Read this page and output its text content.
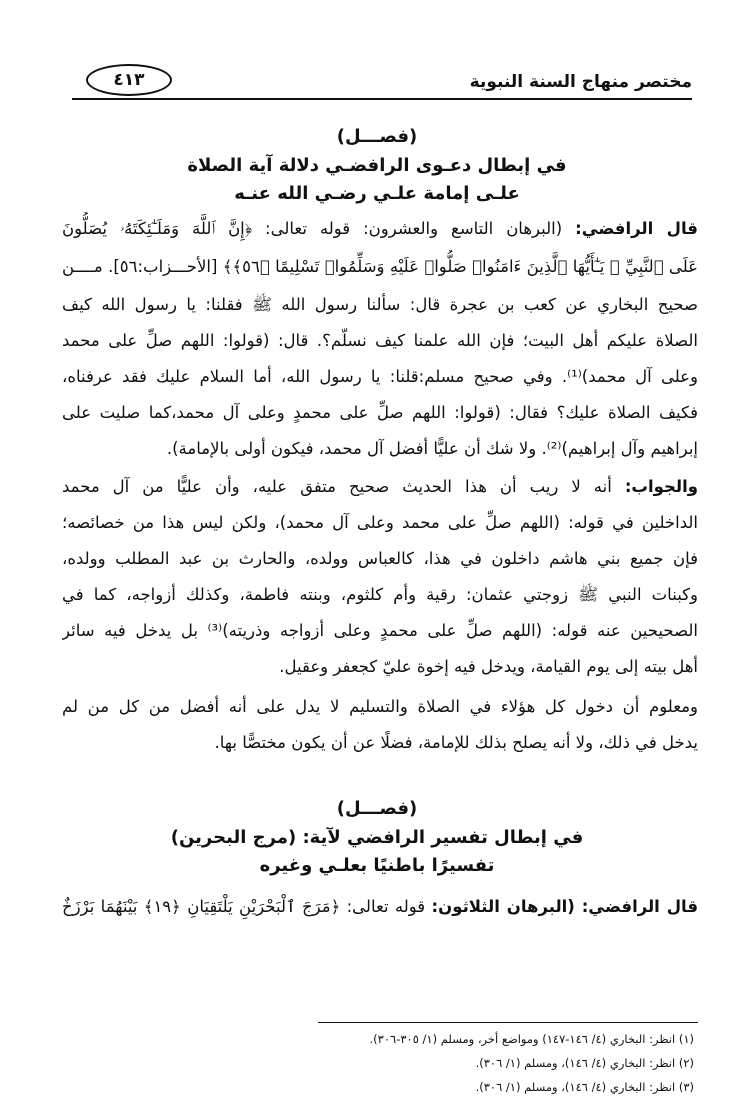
مختصر منهاج السنة النبوية
٤١٣
(فصـــل)
في إبطال دعـوى الرافضـي دلالة آية الصلاة
علـى إمامة علـي رضـي الله عنـه
قال الرافضي: (البرهان التاسع والعشرون: قوله تعالى: ﴿إِنَّ ٱللَّهَ وَمَلَـٰٓئِكَتَهُۥ يُصَلُّونَ
عَلَى ٱلنَّبِيِّ ۚ يَـٰٓأَيُّهَا ٱلَّذِينَ ءَامَنُوا۟ صَلُّوا۟ عَلَيْهِ وَسَلِّمُوا۟ تَسْلِيمًا ﴿٥٦﴾﴾ [الأحـــزاب:٥٦]. مــــن
صحيح البخاري عن كعب بن عجرة قال: سألنا رسول الله ﷺ فقلنا: يا رسول الله كيف
الصلاة عليكم أهل البيت؛ فإن الله علمنا كيف نسلّم؟. قال: (قولوا: اللهم صلِّ على محمد
وعلى آل محمد)⁽¹⁾. وفي صحيح مسلم:قلنا: يا رسول الله، أما السلام عليك فقد عرفناه،
فكيف الصلاة عليك؟ فقال: (قولوا: اللهم صلِّ على محمدٍ وعلى آل محمد،كما صليت على
إبراهيم وآل إبراهيم)⁽²⁾. ولا شك أن عليًّا أفضل آل محمد، فيكون أولى بالإمامة).
والجواب: أنه لا ريب أن هذا الحديث صحيح متفق عليه، وأن عليًّا من آل محمد
الداخلين في قوله: (اللهم صلِّ على محمد وعلى آل محمد)، ولكن ليس هذا من خصائصه؛
فإن جميع بني هاشم داخلون في هذا، كالعباس وولده، والحارث بن عبد المطلب وولده،
وكبنات النبي ﷺ زوجتي عثمان: رقية وأم كلثوم، وبنته فاطمة، وكذلك أزواجه، كما في
الصحيحين عنه قوله: (اللهم صلِّ على محمدٍ وعلى أزواجه وذريته)⁽³⁾ بل يدخل فيه سائر
أهل بيته إلى يوم القيامة، ويدخل فيه إخوة عليّ كجعفر وعقيل.
ومعلوم أن دخول كل هؤلاء في الصلاة والتسليم لا يدل على أنه أفضل من كل من لم
يدخل في ذلك، ولا أنه يصلح بذلك للإمامة، فضلًا عن أن يكون مختصًّا بها.
(فصـــل)
في إبطال تفسير الرافضي لآية: (مرج البحرين)
تفسيرًا باطنيًا بعلـي وغيره
قال الرافضي: (البرهان الثلاثون: قوله تعالى: ﴿مَرَجَ ٱلْبَحْرَيْنِ يَلْتَقِيَانِ ﴿١٩﴾ بَيْنَهُمَا بَرْزَخٌ
(١) انظر: البخاري (٤/ ١٤٦-١٤٧) ومواضع أخر، ومسلم (١/ ٣٠٥-٣٠٦).
(٢) انظر: البخاري (٤/ ١٤٦)، ومسلم (١/ ٣٠٦).
(٣) انظر: البخاري (٤/ ١٤٦)، ومسلم (١/ ٣٠٦).
